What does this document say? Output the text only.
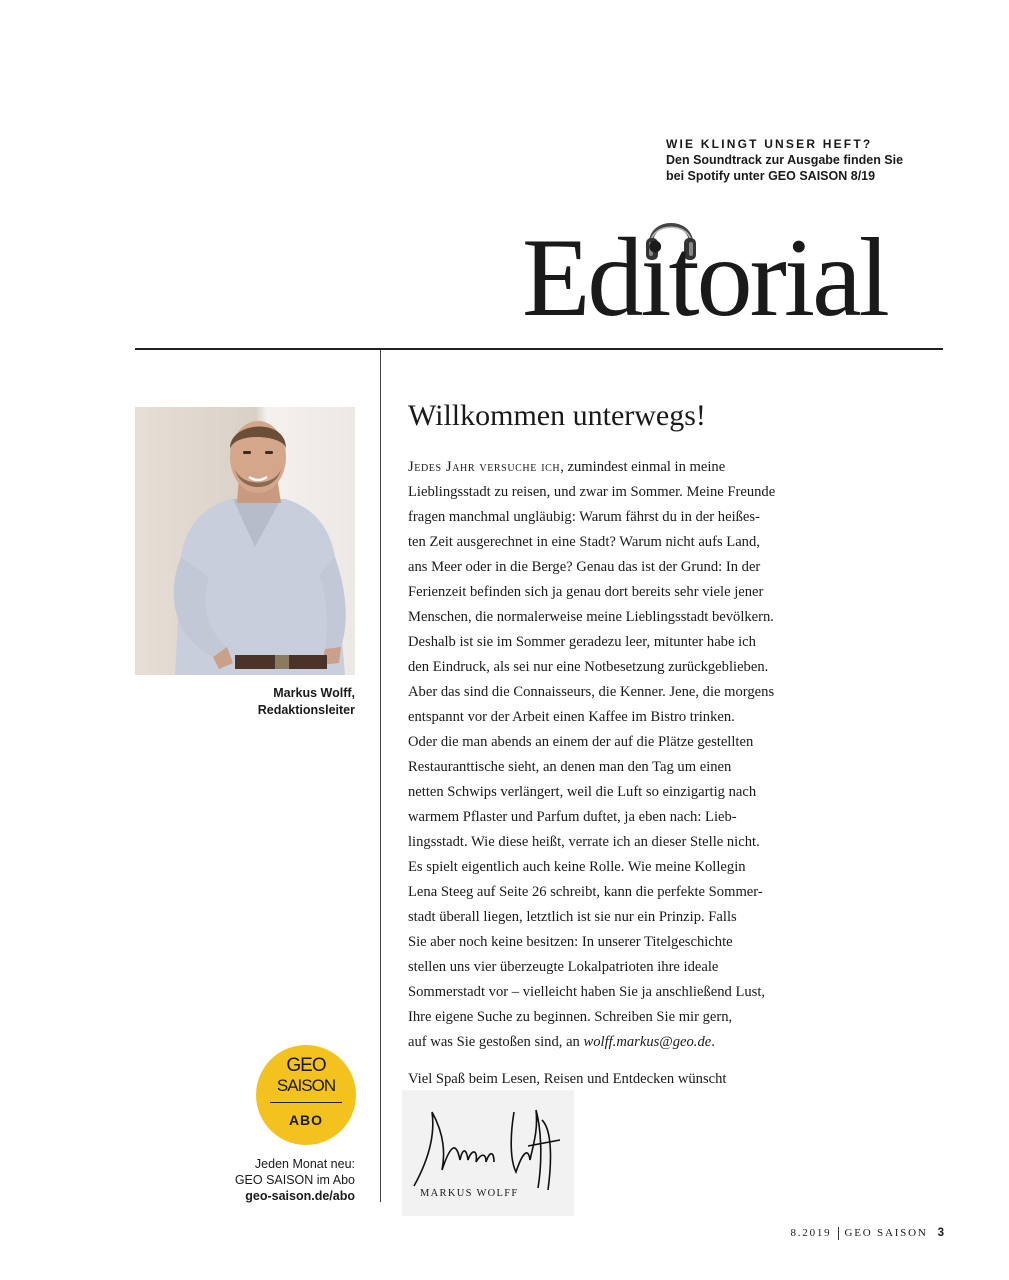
WIE KLINGT UNSER HEFT?
Den Soundtrack zur Ausgabe finden Sie
bei Spotify unter GEO SAISON 8/19
Editorial
Markus Wolff,
Redaktionsleiter
Willkommen unterwegs!
Jedes Jahr versuche ich, zumindest einmal in meine
Lieblingsstadt zu reisen, und zwar im Sommer. Meine Freunde
fragen manchmal ungläubig: Warum fährst du in der heißes-
ten Zeit ausgerechnet in eine Stadt? Warum nicht aufs Land,
ans Meer oder in die Berge? Genau das ist der Grund: In der
Ferienzeit befinden sich ja genau dort bereits sehr viele jener
Menschen, die normalerweise meine Lieblingsstadt bevölkern.
Deshalb ist sie im Sommer geradezu leer, mitunter habe ich
den Eindruck, als sei nur eine Notbesetzung zurückgeblieben.
Aber das sind die Connaisseurs, die Kenner. Jene, die morgens
entspannt vor der Arbeit einen Kaffee im Bistro trinken.
Oder die man abends an einem der auf die Plätze gestellten
Restauranttische sieht, an denen man den Tag um einen
netten Schwips verlängert, weil die Luft so einzigartig nach
warmem Pflaster und Parfum duftet, ja eben nach: Lieb-
lingsstadt. Wie diese heißt, verrate ich an dieser Stelle nicht.
Es spielt eigentlich auch keine Rolle. Wie meine Kollegin
Lena Steeg auf Seite 26 schreibt, kann die perfekte Sommer-
stadt überall liegen, letztlich ist sie nur ein Prinzip. Falls
Sie aber noch keine besitzen: In unserer Titelgeschichte
stellen uns vier überzeugte Lokalpatrioten ihre ideale
Sommerstadt vor – vielleicht haben Sie ja anschließend Lust,
Ihre eigene Suche zu beginnen. Schreiben Sie mir gern,
auf was Sie gestoßen sind, an wolff.markus@geo.de.
Viel Spaß beim Lesen, Reisen und Entdecken wünscht
MARKUS WOLFF
GEO
SAISON
ABO
Jeden Monat neu:
GEO SAISON im Abo
geo-saison.de/abo
8.2019 GEO SAISON 3
